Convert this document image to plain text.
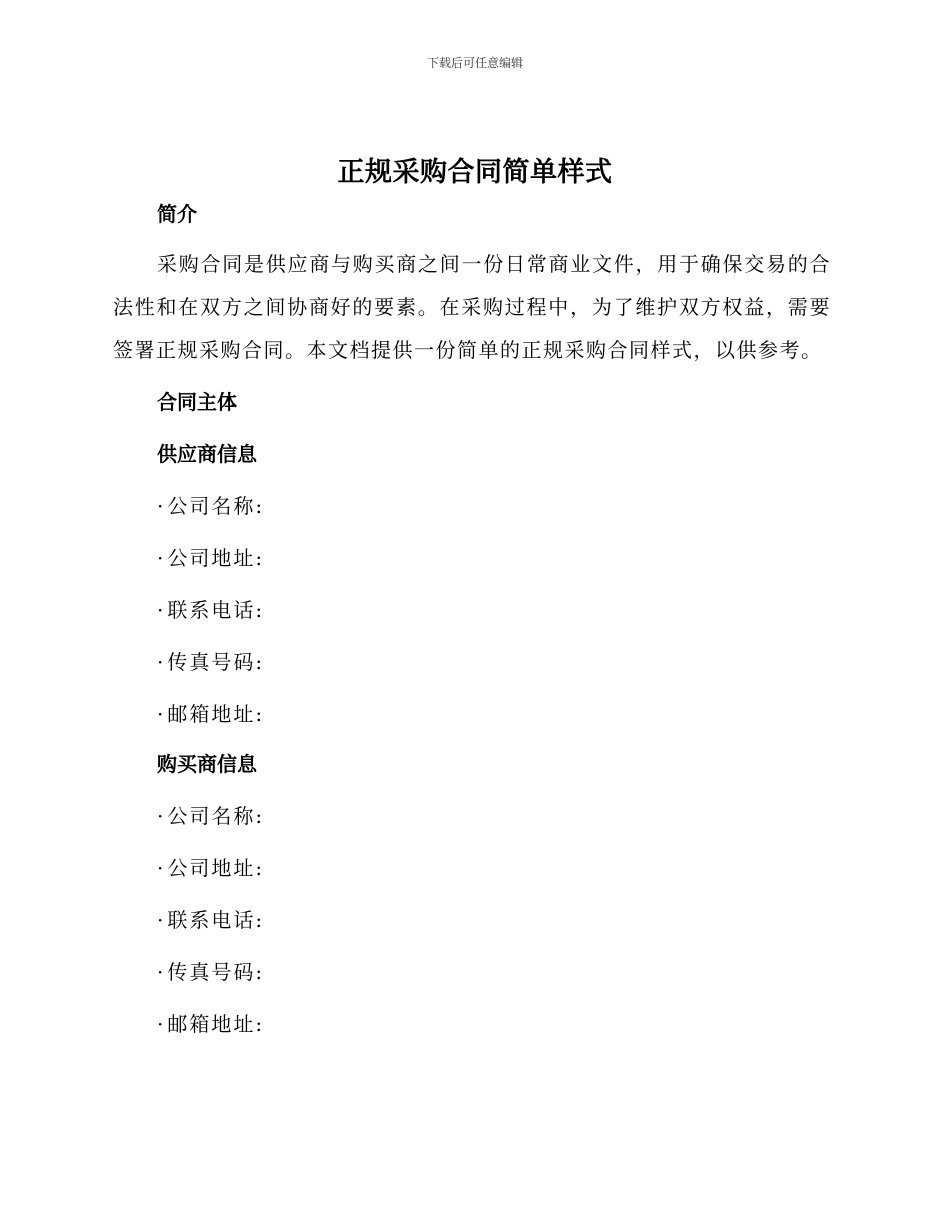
下载后可任意编辑
正规采购合同简单样式
简介
采购合同是供应商与购买商之间一份日常商业文件，用于确保交易的合法性和在双方之间协商好的要素。在采购过程中，为了维护双方权益，需要签署正规采购合同。本文档提供一份简单的正规采购合同样式，以供参考。
合同主体
供应商信息
· 公司名称:
· 公司地址:
· 联系电话:
· 传真号码:
· 邮箱地址:
购买商信息
· 公司名称:
· 公司地址:
· 联系电话:
· 传真号码:
· 邮箱地址:
